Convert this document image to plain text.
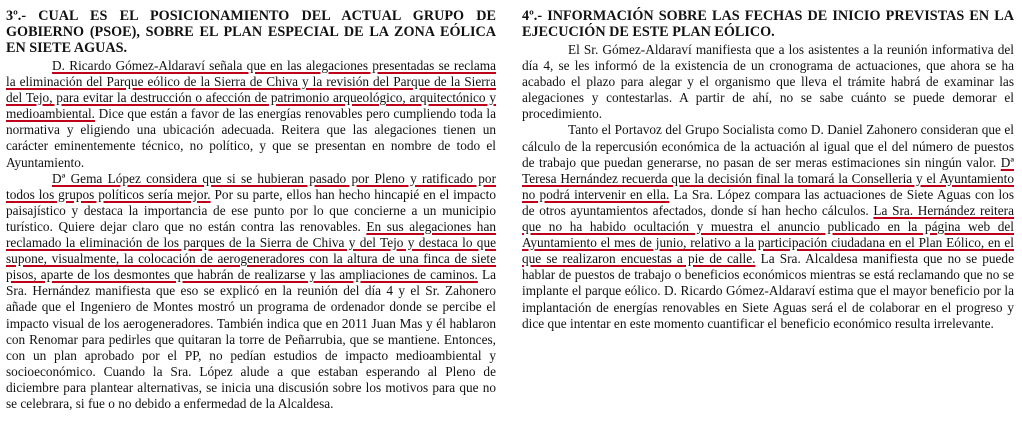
3º.- CUAL ES EL POSICIONAMIENTO DEL ACTUAL GRUPO DE GOBIERNO (PSOE), SOBRE EL PLAN ESPECIAL DE LA ZONA EÓLICA EN SIETE AGUAS.

D. Ricardo Gómez-Aldaraví señala que en las alegaciones presentadas se reclama la eliminación del Parque eólico de la Sierra de Chiva y la revisión del Parque de la Sierra del Tejo, para evitar la destrucción o afección de patrimonio arqueológico, arquitectónico y medioambiental. Dice que están a favor de las energías renovables pero cumpliendo toda la normativa y eligiendo una ubicación adecuada. Reitera que las alegaciones tienen un carácter eminentemente técnico, no político, y que se presentan en nombre de todo el Ayuntamiento.

Dª Gema López considera que si se hubieran pasado por Pleno y ratificado por todos los grupos políticos sería mejor. Por su parte, ellos han hecho hincapié en el impacto paisajístico y destaca la importancia de ese punto por lo que concierne a un municipio turístico. Quiere dejar claro que no están contra las renovables. En sus alegaciones han reclamado la eliminación de los parques de la Sierra de Chiva y del Tejo y destaca lo que supone, visualmente, la colocación de aerogeneradores con la altura de una finca de siete pisos, aparte de los desmontes que habrán de realizarse y las ampliaciones de caminos. La Sra. Hernández manifiesta que eso se explicó en la reunión del día 4 y el Sr. Zahonero añade que el Ingeniero de Montes mostró un programa de ordenador donde se percibe el impacto visual de los aerogeneradores. También indica que en 2011 Juan Mas y él hablaron con Renomar para pedirles que quitaran la torre de Peñarrubia, que se mantiene. Entonces, con un plan aprobado por el PP, no pedían estudios de impacto medioambiental y socioeconómico. Cuando la Sra. López alude a que estaban esperando al Pleno de diciembre para plantear alternativas, se inicia una discusión sobre los motivos para que no se celebrara, si fue o no debido a enfermedad de la Alcaldesa.

4º.- INFORMACIÓN SOBRE LAS FECHAS DE INICIO PREVISTAS EN LA EJECUCIÓN DE ESTE PLAN EÓLICO.

El Sr. Gómez-Aldaraví manifiesta que a los asistentes a la reunión informativa del día 4, se les informó de la existencia de un cronograma de actuaciones, que ahora se ha acabado el plazo para alegar y el organismo que lleva el trámite habrá de examinar las alegaciones y contestarlas. A partir de ahí, no se sabe cuánto se puede demorar el procedimiento.

Tanto el Portavoz del Grupo Socialista como D. Daniel Zahonero consideran que el cálculo de la repercusión económica de la actuación al igual que el del número de puestos de trabajo que puedan generarse, no pasan de ser meras estimaciones sin ningún valor. Dª Teresa Hernández recuerda que la decisión final la tomará la Conselleria y el Ayuntamiento no podrá intervenir en ella. La Sra. López compara las actuaciones de Siete Aguas con los de otros ayuntamientos afectados, donde sí han hecho cálculos. La Sra. Hernández reitera que no ha habido ocultación y muestra el anuncio publicado en la página web del Ayuntamiento el mes de junio, relativo a la participación ciudadana en el Plan Eólico, en el que se realizaron encuestas a pie de calle. La Sra. Alcaldesa manifiesta que no se puede hablar de puestos de trabajo o beneficios económicos mientras se está reclamando que no se implante el parque eólico. D. Ricardo Gómez-Aldaraví estima que el mayor beneficio por la implantación de energías renovables en Siete Aguas será el de colaborar en el progreso y dice que intentar en este momento cuantificar el beneficio económico resulta irrelevante.
